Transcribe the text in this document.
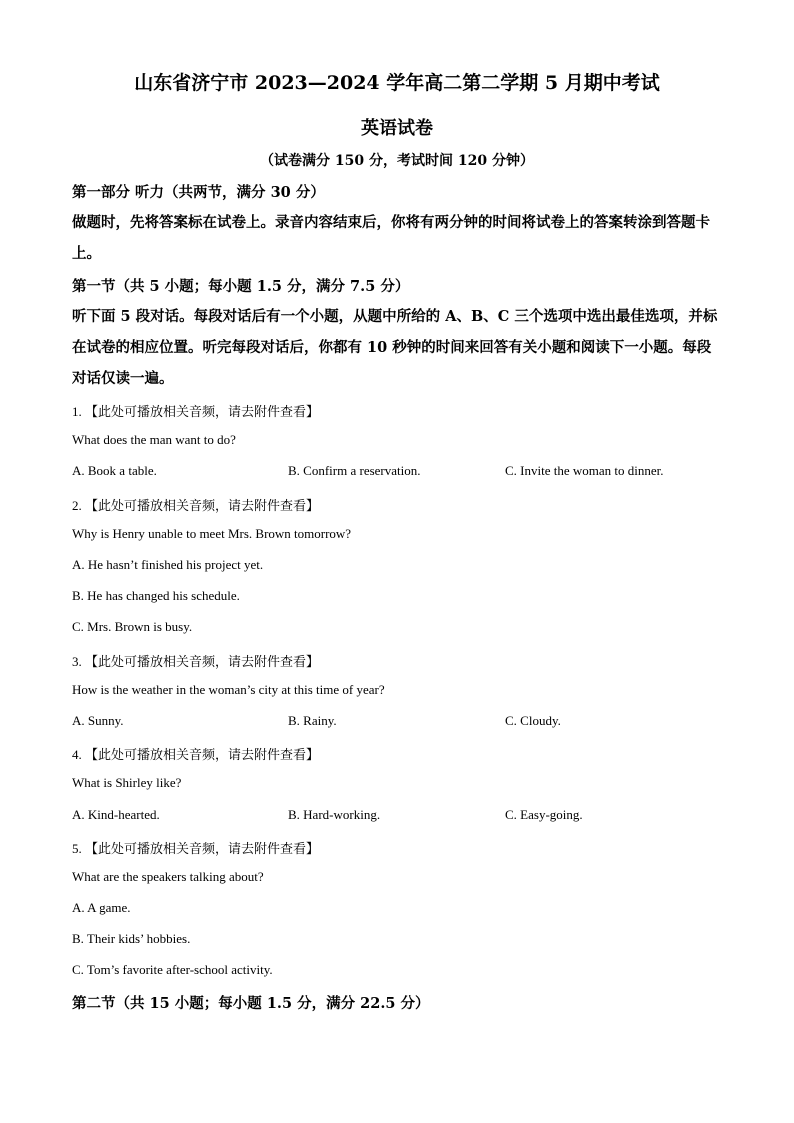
山东省济宁市 2023—2024 学年高二第二学期 5 月期中考试
英语试卷
（试卷满分 150 分，考试时间 120 分钟）
第一部分 听力（共两节，满分 30 分）
做题时，先将答案标在试卷上。录音内容结束后，你将有两分钟的时间将试卷上的答案转涂到答题卡上。
第一节（共 5 小题；每小题 1.5 分，满分 7.5 分）
听下面 5 段对话。每段对话后有一个小题，从题中所给的 A、B、C 三个选项中选出最佳选项，并标在试卷的相应位置。听完每段对话后，你都有 10 秒钟的时间来回答有关小题和阅读下一小题。每段对话仅读一遍。
1. 【此处可播放相关音频，请去附件查看】
What does the man want to do?
A. Book a table.	B. Confirm a reservation.	C. Invite the woman to dinner.
2. 【此处可播放相关音频，请去附件查看】
Why is Henry unable to meet Mrs. Brown tomorrow?
A. He hasn’t finished his project yet.
B. He has changed his schedule.
C. Mrs. Brown is busy.
3. 【此处可播放相关音频，请去附件查看】
How is the weather in the woman’s city at this time of year?
A. Sunny.	B. Rainy.	C. Cloudy.
4. 【此处可播放相关音频，请去附件查看】
What is Shirley like?
A. Kind-hearted.	B. Hard-working.	C. Easy-going.
5. 【此处可播放相关音频，请去附件查看】
What are the speakers talking about?
A. A game.
B. Their kids’ hobbies.
C. Tom’s favorite after-school activity.
第二节（共 15 小题；每小题 1.5 分，满分 22.5 分）
